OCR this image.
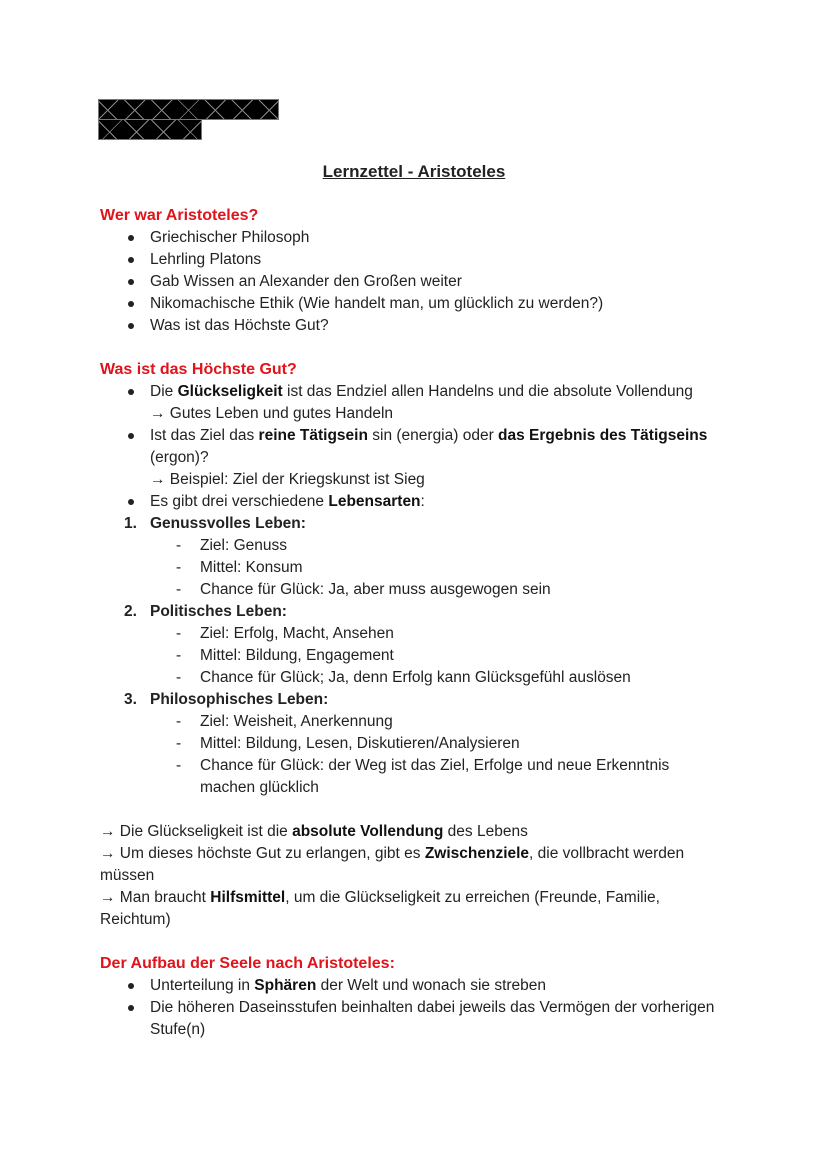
Lernzettel - Aristoteles
Wer war Aristoteles?
Griechischer Philosoph
Lehrling Platons
Gab Wissen an Alexander den Großen weiter
Nikomachische Ethik (Wie handelt man, um glücklich zu werden?)
Was ist das Höchste Gut?
Was ist das Höchste Gut?
Die Glückseligkeit ist das Endziel allen Handelns und die absolute Vollendung
→ Gutes Leben und gutes Handeln
Ist das Ziel das reine Tätigsein sin (energia) oder das Ergebnis des Tätigseins (ergon)?
→ Beispiel: Ziel der Kriegskunst ist Sieg
Es gibt drei verschiedene Lebensarten:
1. Genussvolles Leben:
- Ziel: Genuss
- Mittel: Konsum
- Chance für Glück: Ja, aber muss ausgewogen sein
2. Politisches Leben:
- Ziel: Erfolg, Macht, Ansehen
- Mittel: Bildung, Engagement
- Chance für Glück; Ja, denn Erfolg kann Glücksgefühl auslösen
3. Philosophisches Leben:
- Ziel: Weisheit, Anerkennung
- Mittel: Bildung, Lesen, Diskutieren/Analysieren
- Chance für Glück: der Weg ist das Ziel, Erfolge und neue Erkenntnis machen glücklich
→ Die Glückseligkeit ist die absolute Vollendung des Lebens
→ Um dieses höchste Gut zu erlangen, gibt es Zwischenziele, die vollbracht werden müssen
→ Man braucht Hilfsmittel, um die Glückseligkeit zu erreichen (Freunde, Familie, Reichtum)
Der Aufbau der Seele nach Aristoteles:
Unterteilung in Sphären der Welt und wonach sie streben
Die höheren Daseinsstufen beinhalten dabei jeweils das Vermögen der vorherigen Stufe(n)
